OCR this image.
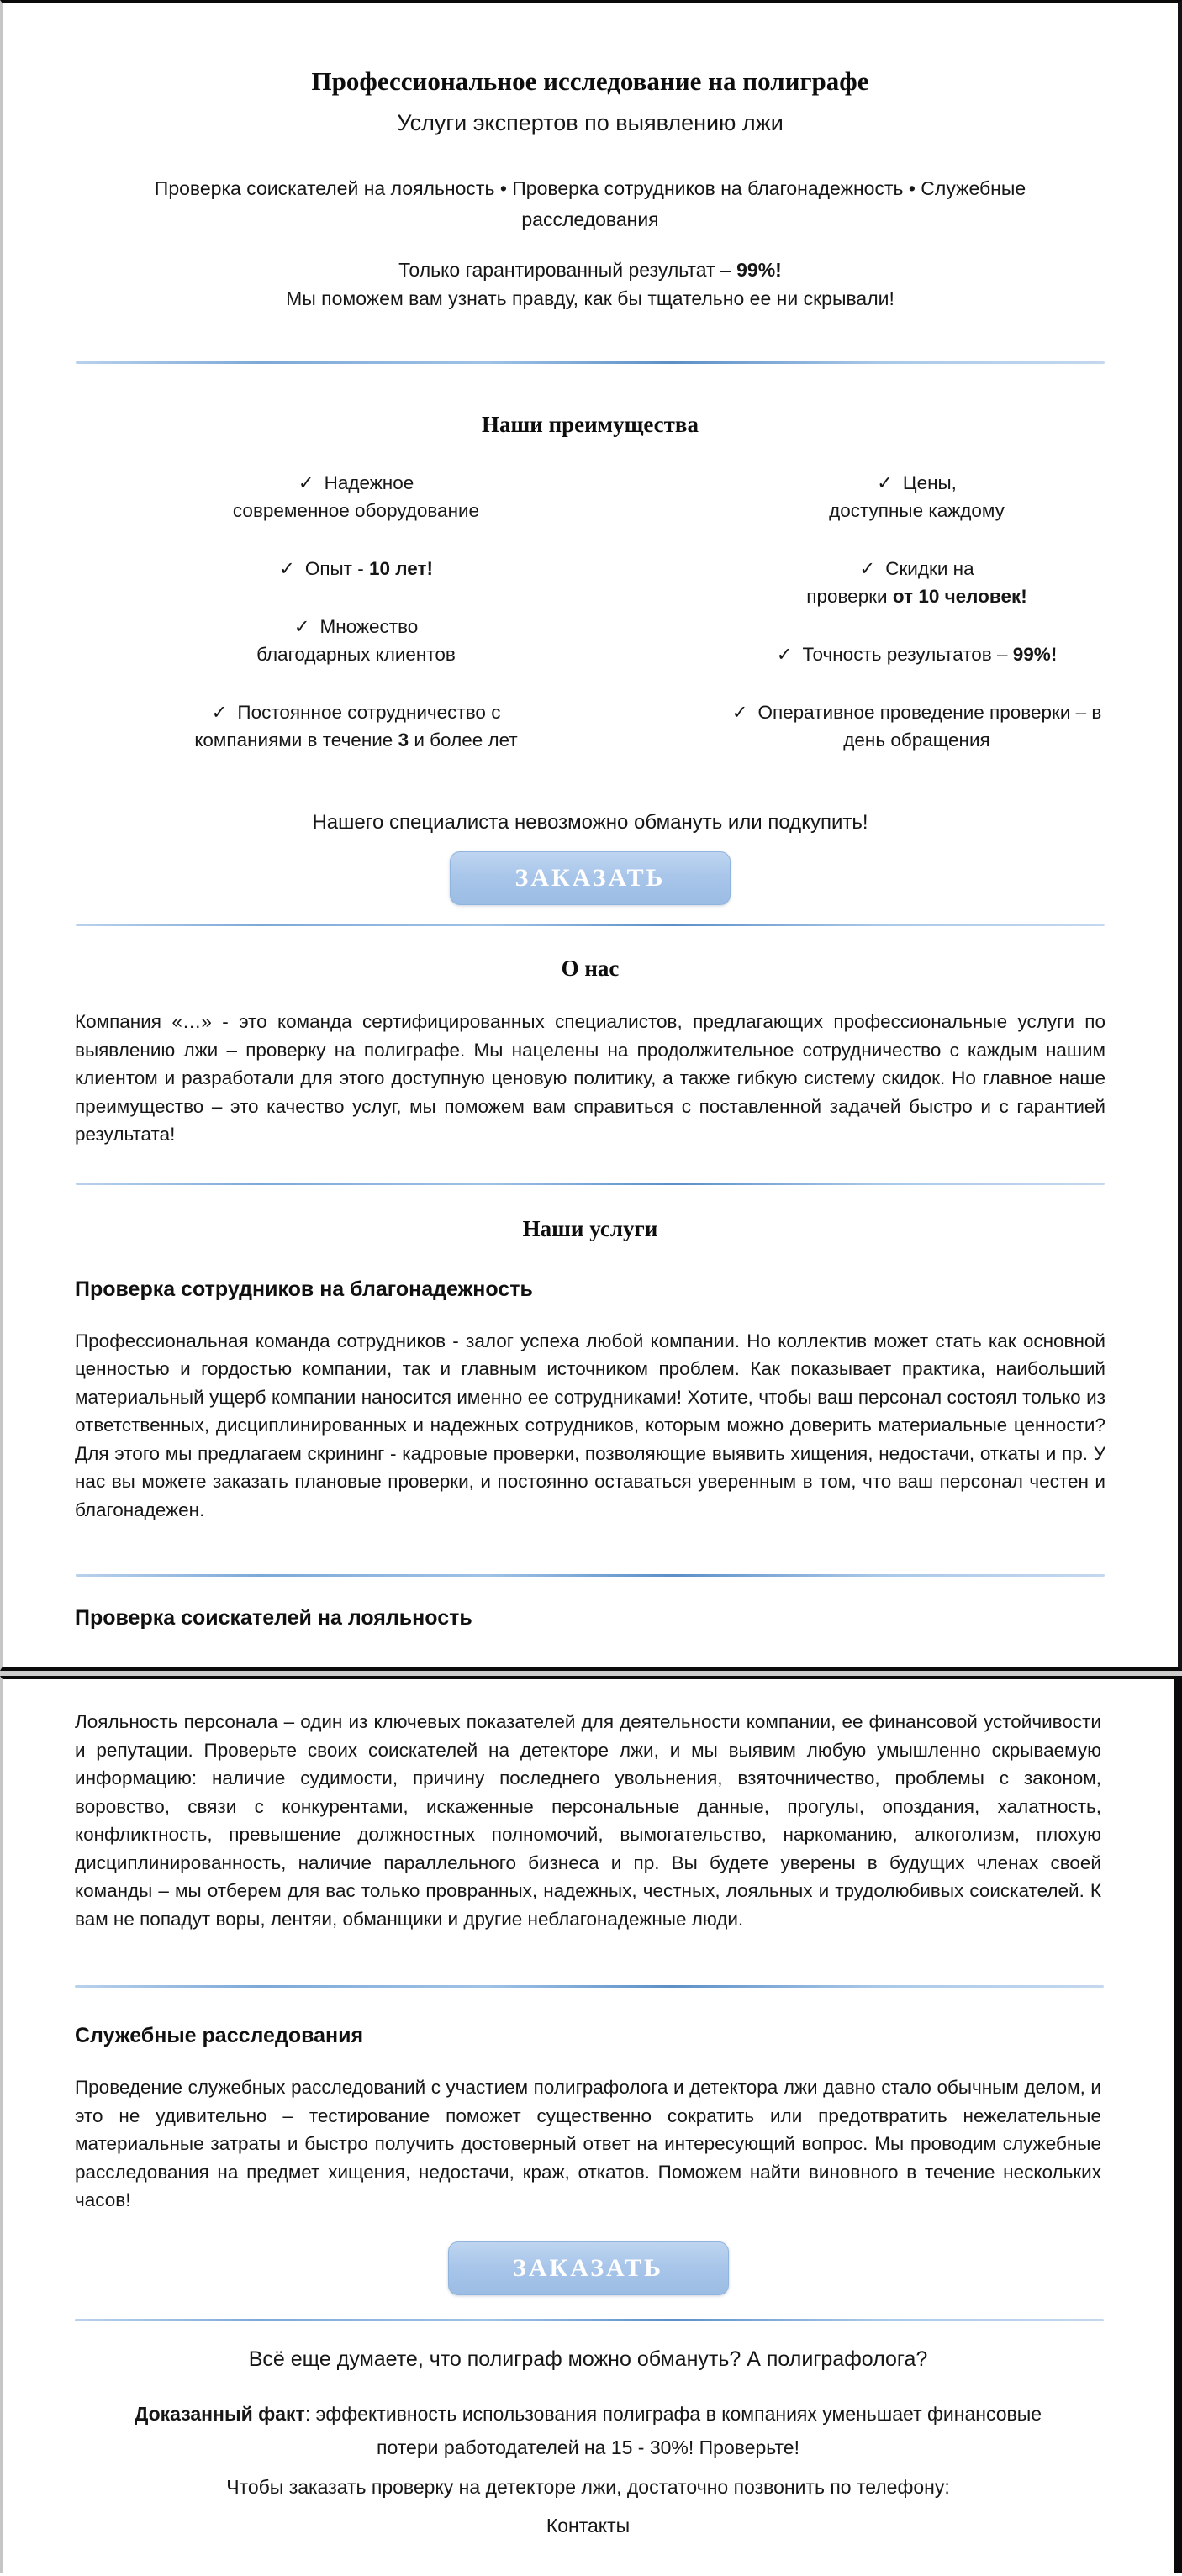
Профессиональное исследование на полиграфе
Услуги экспертов по выявлению лжи
Проверка соискателей на лояльность • Проверка сотрудников на благонадежность • Служебные расследования
Только гарантированный результат – 99%!
Мы поможем вам узнать правду, как бы тщательно ее ни скрывали!
Наши преимущества
✓ Надежное
современное оборудование
✓ Опыт - 10 лет!
✓ Множество
благодарных клиентов
✓ Постоянное сотрудничество с
компаниями в течение 3 и более лет
✓ Цены,
доступные каждому
✓ Скидки на
проверки от 10 человек!
✓ Точность результатов – 99%!
✓ Оперативное проведение проверки – в
день обращения
Нашего специалиста невозможно обмануть или подкупить!
ЗАКАЗАТЬ
О нас

Компания «…» - это команда сертифицированных специалистов, предлагающих профессиональные услуги по выявлению лжи – проверку на полиграфе. Мы нацелены на продолжительное сотрудничество с каждым нашим клиентом и разработали для этого доступную ценовую политику, а также гибкую систему скидок. Но главное наше преимущество – это качество услуг, мы поможем вам справиться с поставленной задачей быстро и с гарантией результата!

Наши услуги
Проверка сотрудников на благонадежность

Профессиональная команда сотрудников - залог успеха любой компании. Но коллектив может стать как основной ценностью и гордостью компании, так и главным источником проблем. Как показывает практика, наибольший материальный ущерб компании наносится именно ее сотрудниками! Хотите, чтобы ваш персонал состоял только из ответственных, дисциплинированных и надежных сотрудников, которым можно доверить материальные ценности? Для этого мы предлагаем скрининг - кадровые проверки, позволяющие выявить хищения, недостачи, откаты и пр. У нас вы можете заказать плановые проверки, и постоянно оставаться уверенным в том, что ваш персонал честен и благонадежен.

Проверка соискателей на лояльность

Лояльность персонала – один из ключевых показателей для деятельности компании, ее финансовой устойчивости и репутации. Проверьте своих соискателей на детекторе лжи, и мы выявим любую умышленно скрываемую информацию: наличие судимости, причину последнего увольнения, взяточничество, проблемы с законом, воровство, связи с конкурентами, искаженные персональные данные, прогулы, опоздания, халатность, конфликтность, превышение должностных полномочий, вымогательство, наркоманию, алкоголизм, плохую дисциплинированность, наличие параллельного бизнеса и пр. Вы будете уверены в будущих членах своей команды – мы отберем для вас только провранных, надежных, честных, лояльных и трудолюбивых соискателей. К вам не попадут воры, лентяи, обманщики и другие неблагонадежные люди.

Служебные расследования

Проведение служебных расследований с участием полиграфолога и детектора лжи давно стало обычным делом, и это не удивительно – тестирование поможет существенно сократить или предотвратить нежелательные материальные затраты и быстро получить достоверный ответ на интересующий вопрос. Мы проводим служебные расследования на предмет хищения, недостачи, краж, откатов. Поможем найти виновного в течение нескольких часов!

ЗАКАЗАТЬ
Всё еще думаете, что полиграф можно обмануть? А полиграфолога?
Доказанный факт: эффективность использования полиграфа в компаниях уменьшает финансовые потери работодателей на 15 - 30%! Проверьте!
Чтобы заказать проверку на детекторе лжи, достаточно позвонить по телефону:
Контакты
